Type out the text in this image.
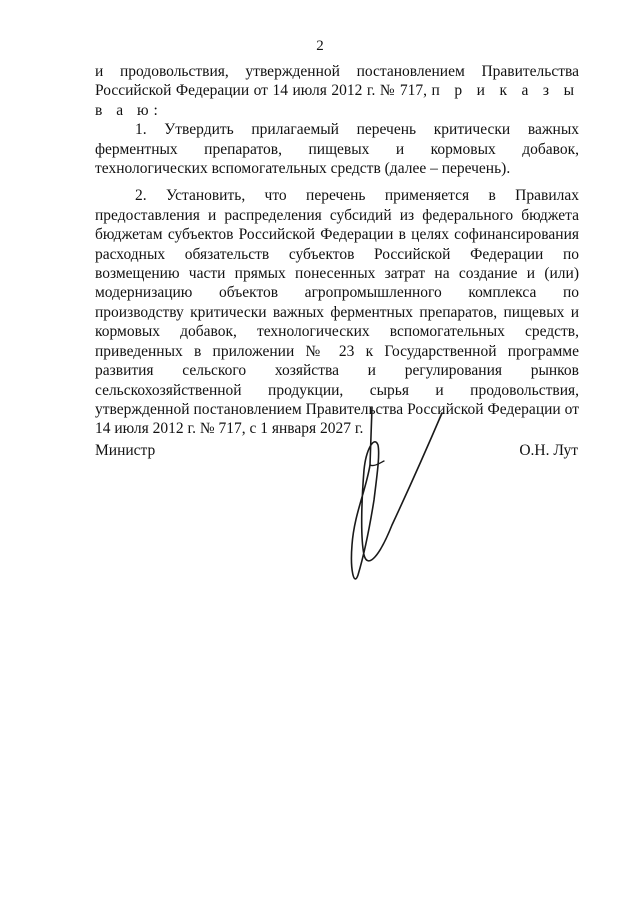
2

и продовольствия, утвержденной постановлением Правительства Российской Федерации от 14 июля 2012 г. № 717, п р и к а з ы в а ю:

1. Утвердить прилагаемый перечень критически важных ферментных препаратов, пищевых и кормовых добавок, технологических вспомогательных средств (далее – перечень).

2. Установить, что перечень применяется в Правилах предоставления и распределения субсидий из федерального бюджета бюджетам субъектов Российской Федерации в целях софинансирования расходных обязательств субъектов Российской Федерации по возмещению части прямых понесенных затрат на создание и (или) модернизацию объектов агропромышленного комплекса по производству критически важных ферментных препаратов, пищевых и кормовых добавок, технологических вспомогательных средств, приведенных в приложении № 23 к Государственной программе развития сельского хозяйства и регулирования рынков сельскохозяйственной продукции, сырья и продовольствия, утвержденной постановлением Правительства Российской Федерации от 14 июля 2012 г. № 717, с 1 января 2027 г.

Министр	О.Н. Лут
